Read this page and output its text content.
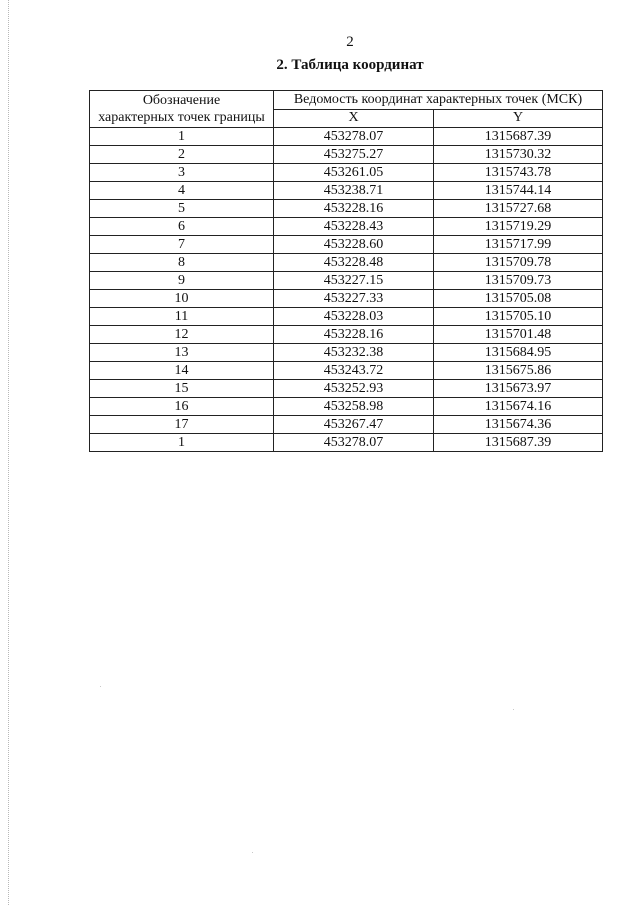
2
2. Таблица координат
Обозначение
характерных точек границы	Ведомость координат характерных точек (МСК)	
	X	Y
1	453278.07	1315687.39
2	453275.27	1315730.32
3	453261.05	1315743.78
4	453238.71	1315744.14
5	453228.16	1315727.68
6	453228.43	1315719.29
7	453228.60	1315717.99
8	453228.48	1315709.78
9	453227.15	1315709.73
10	453227.33	1315705.08
11	453228.03	1315705.10
12	453228.16	1315701.48
13	453232.38	1315684.95
14	453243.72	1315675.86
15	453252.93	1315673.97
16	453258.98	1315674.16
17	453267.47	1315674.36
1	453278.07	1315687.39
